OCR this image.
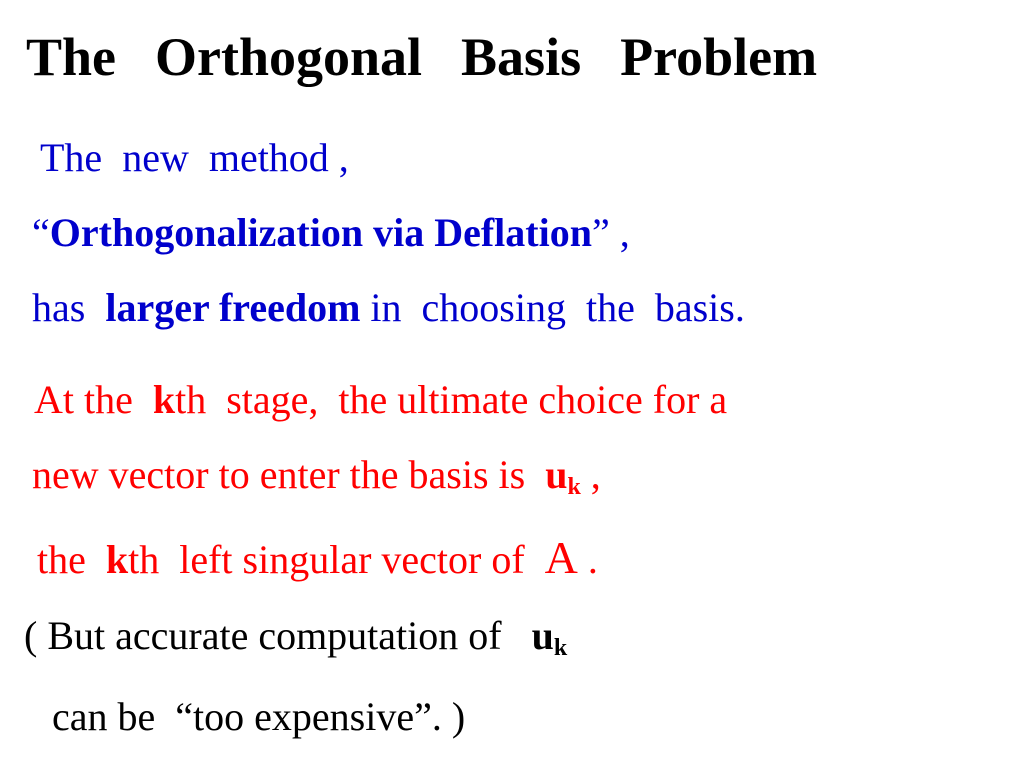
The  Orthogonal  Basis  Problem
The  new  method ,
“Orthogonalization via Deflation” ,
has  larger freedom in  choosing  the  basis.
At the  kth  stage,  the ultimate choice for a
new vector to enter the basis is  $u_k$ ,
the  kth  left singular vector of  A .
( But accurate computation of   $u_k$
can be  “too expensive”. )
